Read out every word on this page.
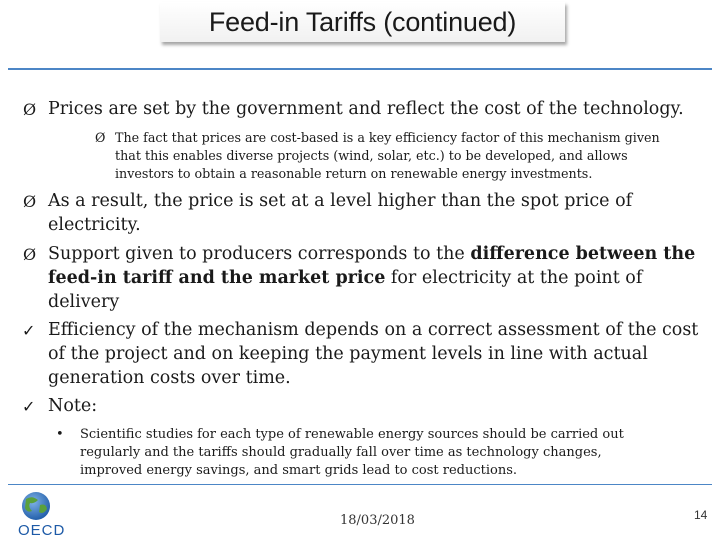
Feed-in Tariffs (continued)
Ø Prices are set by the government and reflect the cost of the technology.
Ø The fact that prices are cost-based is a key efficiency factor of this mechanism given
that this enables diverse projects (wind, solar, etc.) to be developed, and allows
investors to obtain a reasonable return on renewable energy investments.
Ø As a result, the price is set at a level higher than the spot price of
electricity.
Ø Support given to producers corresponds to the difference between the
feed-in tariff and the market price for electricity at the point of
delivery
✓ Efficiency of the mechanism depends on a correct assessment of the cost
of the project and on keeping the payment levels in line with actual
generation costs over time.
✓ Note:
• Scientific studies for each type of renewable energy sources should be carried out
regularly and the tariffs should gradually fall over time as technology changes,
improved energy savings, and smart grids lead to cost reductions.
OECD
18/03/2018	14
